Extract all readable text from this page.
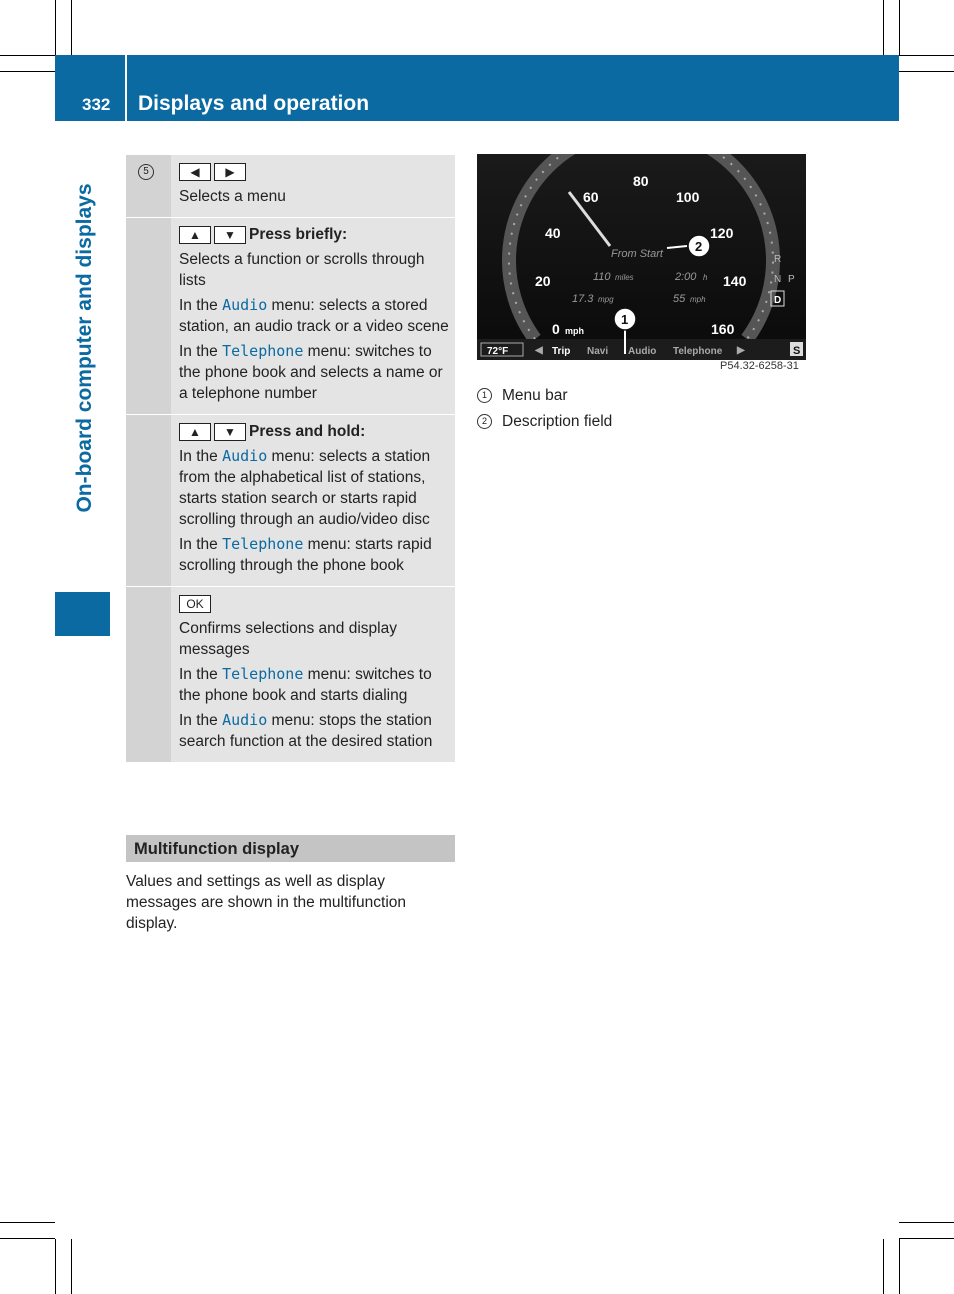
332 Displays and operation
On-board computer and displays
5	◀ ▶

Selects a menu

	▲ ▼ Press briefly:

Selects a function or scrolls through lists

In the Audio menu: selects a stored station, an audio track or a video scene

In the Telephone menu: switches to the phone book and selects a name or a telephone number

	▲ ▼ Press and hold:

In the Audio menu: selects a station from the alphabetical list of stations, starts station search or starts rapid scrolling through an audio/video disc

In the Telephone menu: starts rapid scrolling through the phone book

	OK

Confirms selections and display messages

In the Telephone menu: switches to the phone book and starts dialing

In the Audio menu: stops the station search function at the desired station

Multifunction display
Values and settings as well as display messages are shown in the multifunction display.
0 mph
20
40
60
80
100
120
140
160
From Start
110 miles	2:00 h
17.3 mpg	55 mph
R
N P
D
72°F	◀ Trip Navi Audio Telephone ▶	S
1
2
P54.32-6258-31
1 Menu bar
2 Description field
